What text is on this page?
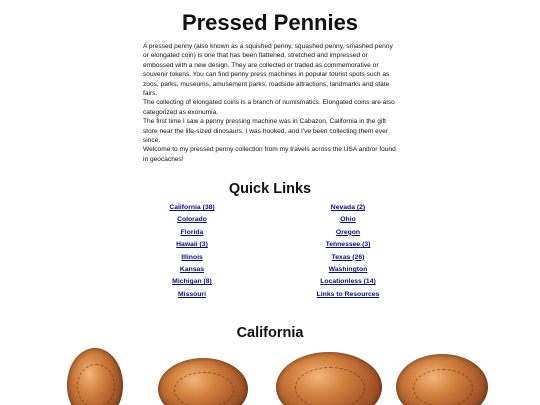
Pressed Pennies

A pressed penny (also known as a squished penny, squashed penny, smashed penny or elongated coin) is one that has been flattened, stretched and impressed or embossed with a new design. They are collected or traded as commemorative or souvenir tokens. You can find penny press machines in popular tourist spots such as zoos, parks, museums, amusement parks, roadside attractions, landmarks and state fairs.

The collecting of elongated coins is a branch of numismatics. Elongated coins are also categorized as exonumia.

The first time I saw a penny pressing machine was in Cabazon, California in the gift store near the life-sized dinosaurs. I was hooked, and I've been collecting them ever since.

Welcome to my pressed penny collection from my travels across the USA and/or found in geocaches!

Quick Links
California (38)
Colorado
Florida
Hawaii (3)
Illinois
Kansas
Michigan (8)
Missouri
Nevada (2)
Ohio
Oregon
Tennessee (3)
Texas (26)
Washington
Locationless (14)
Links to Resources
California
